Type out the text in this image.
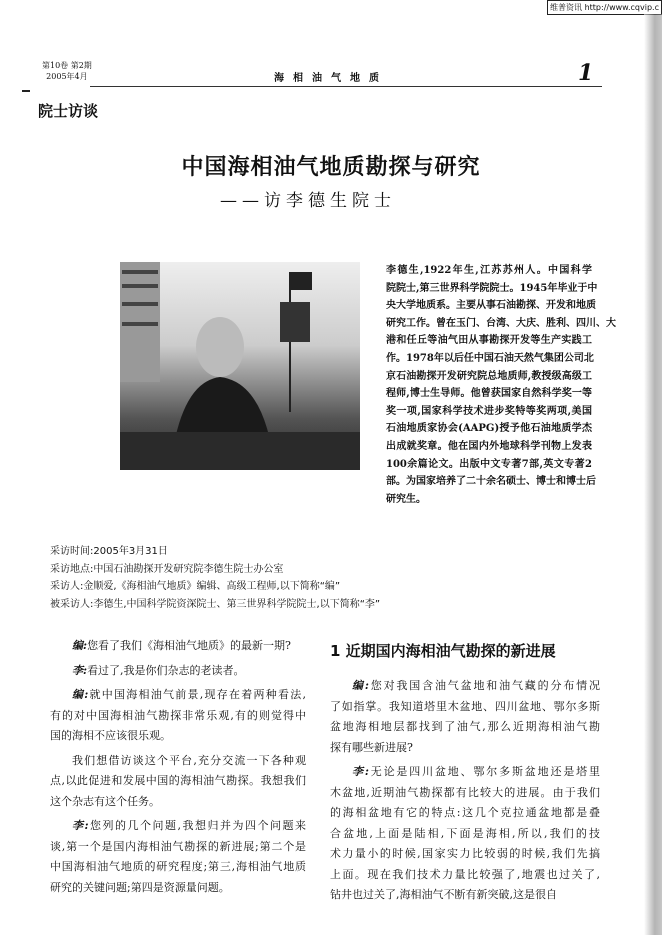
维普资讯 http://www.cqvip.c
第10卷 第2期
2005年4月	海相油气地质	1
院士访谈
中国海相油气地质勘探与研究
——访李德生院士
李德生,1922年生,江苏苏州人。中国科学
院院士,第三世界科学院院士。1945年毕业于中
央大学地质系。主要从事石油勘探、开发和地质
研究工作。曾在玉门、台湾、大庆、胜利、四川、大
港和任丘等油气田从事勘探开发等生产实践工
作。1978年以后任中国石油天然气集团公司北
京石油勘探开发研究院总地质师,教授级高级工
程师,博士生导师。他曾获国家自然科学奖一等
奖一项,国家科学技术进步奖特等奖两项,美国
石油地质家协会(AAPG)授予他石油地质学杰
出成就奖章。他在国内外地球科学刊物上发表
100余篇论文。出版中文专著7部,英文专著2
部。为国家培养了二十余名硕士、博士和博士后
研究生。
采访时间:2005年3月31日
采访地点:中国石油勘探开发研究院李德生院士办公室
采访人:金顺爱,《海相油气地质》编辑、高级工程师,以下简称“编”
被采访人:李德生,中国科学院资深院士、第三世界科学院院士,以下简称“李”
编:您看了我们《海相油气地质》的最新一期?
李:看过了,我是你们杂志的老读者。
编:就中国海相油气前景,现存在着两种看法,
有的对中国海相油气勘探非常乐观,有的则觉得中
国的海相不应该很乐观。
我们想借访谈这个平台,充分交流一下各种观
点,以此促进和发展中国的海相油气勘探。我想我们
这个杂志有这个任务。
李:您列的几个问题,我想归并为四个问题来
谈,第一个是国内海相油气勘探的新进展;第二个是
中国海相油气地质的研究程度;第三,海相油气地质
研究的关键问题;第四是资源量问题。
1 近期国内海相油气勘探的新进展
编:您对我国含油气盆地和油气藏的分布情况
了如指掌。我知道塔里木盆地、四川盆地、鄂尔多斯
盆地海相地层都找到了油气,那么近期海相油气勘
探有哪些新进展?
李:无论是四川盆地、鄂尔多斯盆地还是塔里
木盆地,近期油气勘探都有比较大的进展。由于我们
的海相盆地有它的特点:这几个克拉通盆地都是叠
合盆地,上面是陆相,下面是海相,所以,我们的技
术力量小的时候,国家实力比较弱的时候,我们先搞
上面。现在我们技术力量比较强了,地震也过关了,
钻井也过关了,海相油气不断有新突破,这是很自
